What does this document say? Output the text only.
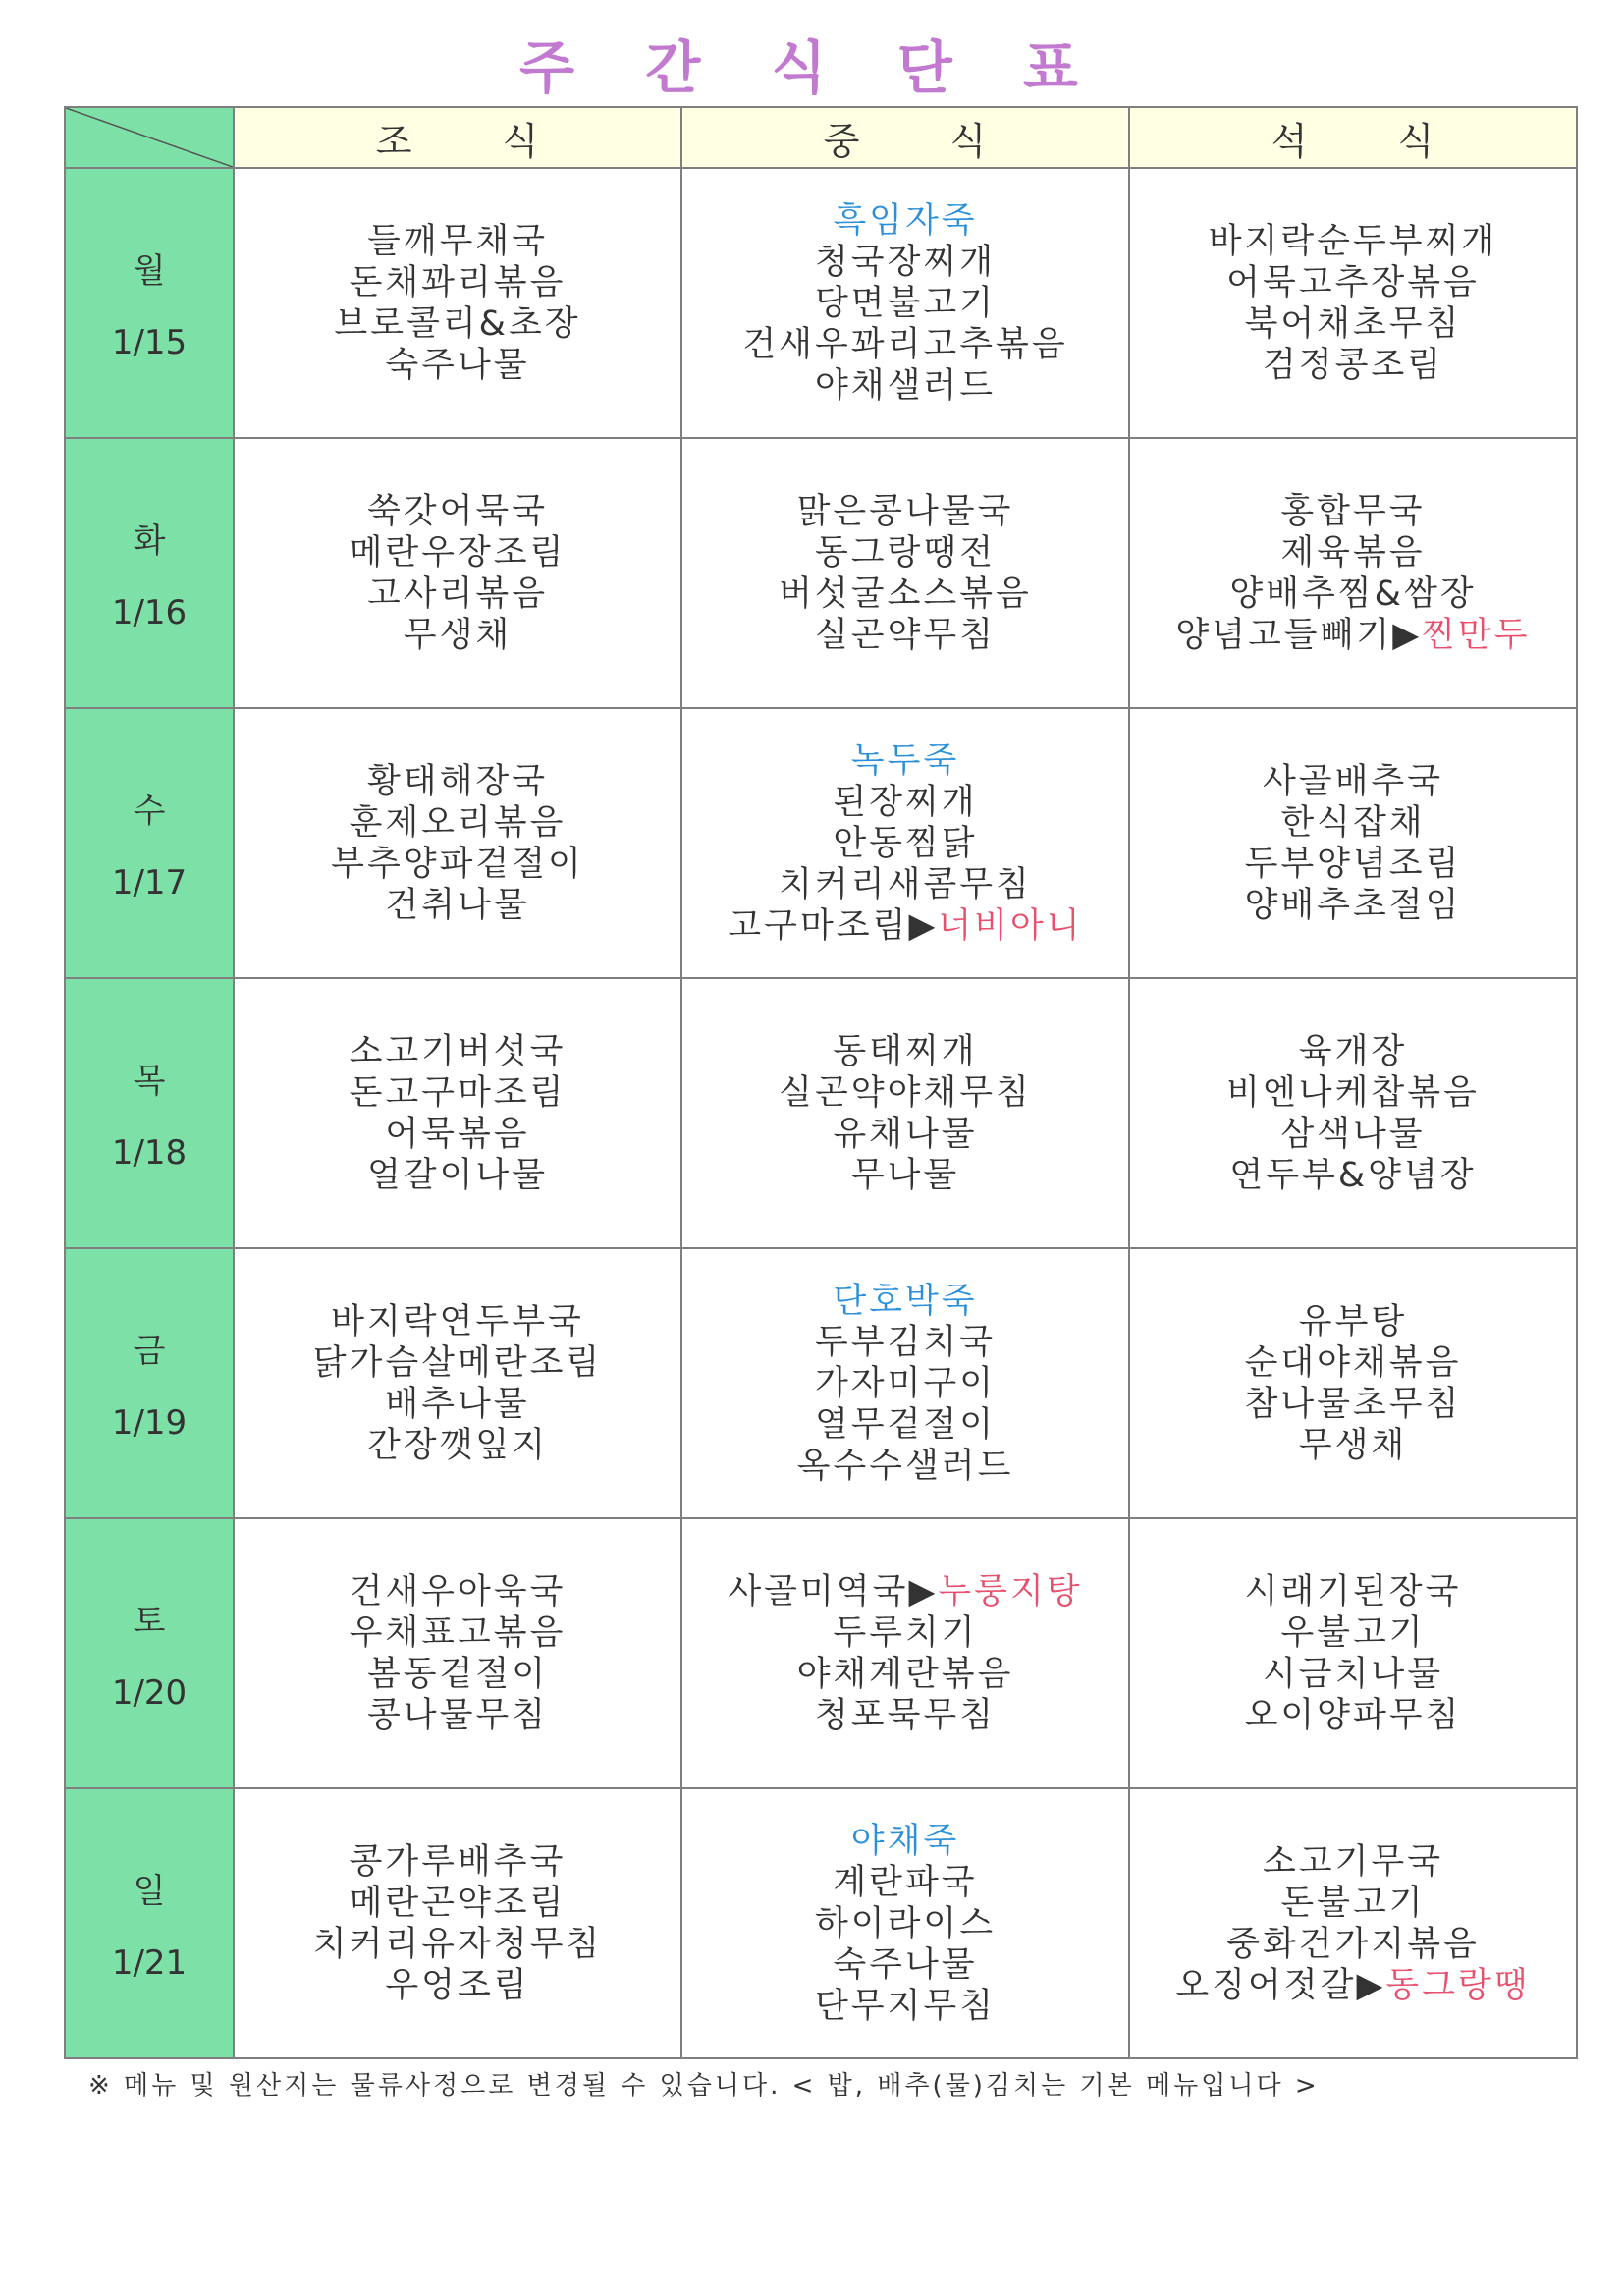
주 간 식 단 표
	조 식	중 식	석 식

월
1/15	들깨무채국
돈채꽈리볶음
브로콜리&초장
숙주나물	흑임자죽
청국장찌개
당면불고기
건새우꽈리고추볶음
야채샐러드	바지락순두부찌개
어묵고추장볶음
북어채초무침
검정콩조림

화
1/16	쑥갓어묵국
메란우장조림
고사리볶음
무생채	맑은콩나물국
동그랑땡전
버섯굴소스볶음
실곤약무침	홍합무국
제육볶음
양배추찜&쌈장
양념고들빼기▶찐만두

수
1/17	황태해장국
훈제오리볶음
부추양파겉절이
건취나물	녹두죽
된장찌개
안동찜닭
치커리새콤무침
고구마조림▶너비아니	사골배추국
한식잡채
두부양념조림
양배추초절임

목
1/18	소고기버섯국
돈고구마조림
어묵볶음
얼갈이나물	동태찌개
실곤약야채무침
유채나물
무나물	육개장
비엔나케찹볶음
삼색나물
연두부&양념장

금
1/19	바지락연두부국
닭가슴살메란조림
배추나물
간장깻잎지	단호박죽
두부김치국
가자미구이
열무겉절이
옥수수샐러드	유부탕
순대야채볶음
참나물초무침
무생채

토
1/20	건새우아욱국
우채표고볶음
봄동겉절이
콩나물무침	사골미역국▶누룽지탕
두루치기
야채계란볶음
청포묵무침	시래기된장국
우불고기
시금치나물
오이양파무침

일
1/21	콩가루배추국
메란곤약조림
치커리유자청무침
우엉조림	야채죽
계란파국
하이라이스
숙주나물
단무지무침	소고기무국
돈불고기
중화건가지볶음
오징어젓갈▶동그랑땡
※ 메뉴 및 원산지는 물류사정으로 변경될 수 있습니다. < 밥, 배추(물)김치는 기본 메뉴입니다 >
